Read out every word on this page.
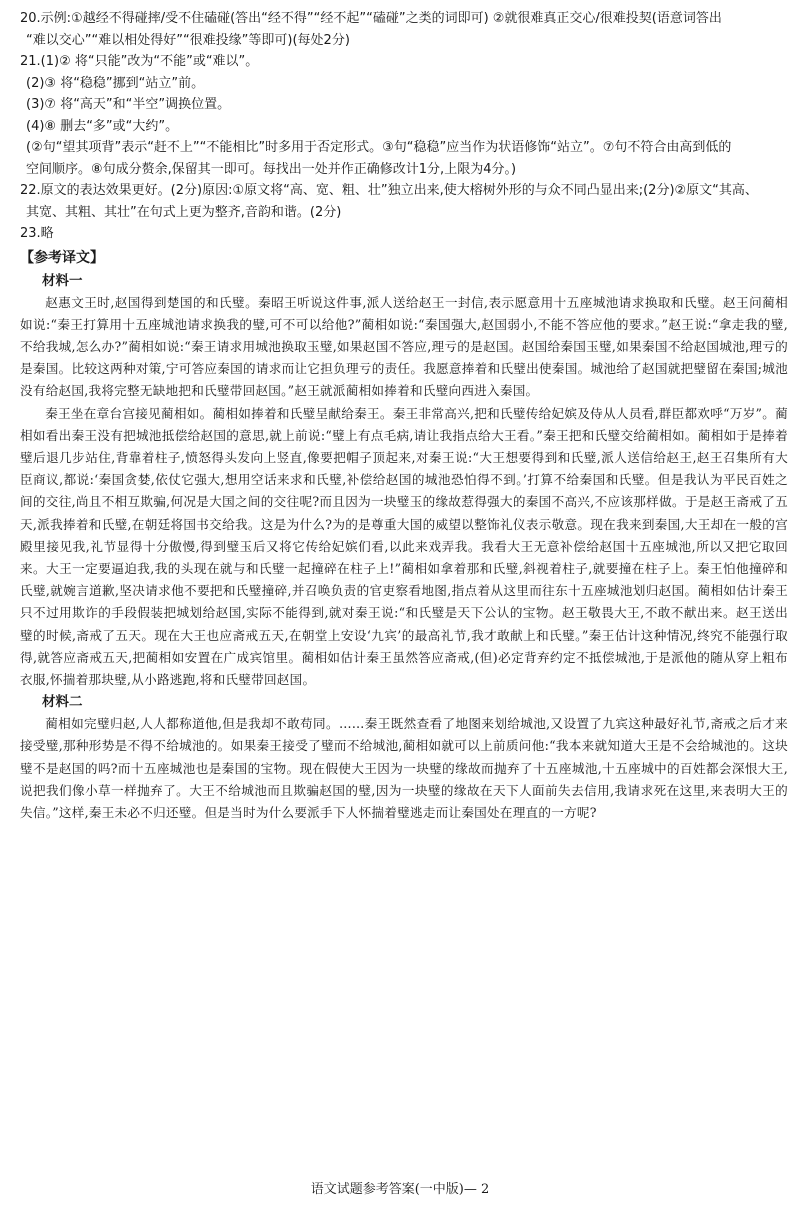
20.示例:①越经不得碰摔/受不住磕碰(答出“经不得”“经不起”“磕碰”之类的词即可) ②就很难真正交心/很难投契(语意词答出

“难以交心”“难以相处得好”“很难投缘”等即可)(每处2分)

21.(1)② 将“只能”改为“不能”或“难以”。

(2)③ 将“稳稳”挪到“站立”前。

(3)⑦ 将“高天”和“半空”调换位置。

(4)⑧ 删去“多”或“大约”。

(②句“望其项背”表示“赶不上”“不能相比”时多用于否定形式。③句“稳稳”应当作为状语修饰“站立”。⑦句不符合由高到低的

空间顺序。⑧句成分赘余,保留其一即可。每找出一处并作正确修改计1分,上限为4分。)

22.原文的表达效果更好。(2分)原因:①原文将“高、宽、粗、壮”独立出来,使大榕树外形的与众不同凸显出来;(2分)②原文“其高、

其宽、其粗、其壮”在句式上更为整齐,音韵和谐。(2分)

23.略

【参考译文】

材料一

赵惠文王时,赵国得到楚国的和氏璧。秦昭王听说这件事,派人送给赵王一封信,表示愿意用十五座城池请求换取和氏璧。赵王问蔺相如说:“秦王打算用十五座城池请求换我的璧,可不可以给他?”蔺相如说:“秦国强大,赵国弱小,不能不答应他的要求。”赵王说:“拿走我的璧,不给我城,怎么办?”蔺相如说:“秦王请求用城池换取玉璧,如果赵国不答应,理亏的是赵国。赵国给秦国玉璧,如果秦国不给赵国城池,理亏的是秦国。比较这两种对策,宁可答应秦国的请求而让它担负理亏的责任。我愿意捧着和氏璧出使秦国。城池给了赵国就把璧留在秦国;城池没有给赵国,我将完整无缺地把和氏璧带回赵国。”赵王就派蔺相如捧着和氏璧向西进入秦国。

秦王坐在章台宫接见蔺相如。蔺相如捧着和氏璧呈献给秦王。秦王非常高兴,把和氏璧传给妃嫔及侍从人员看,群臣都欢呼“万岁”。蔺相如看出秦王没有把城池抵偿给赵国的意思,就上前说:“璧上有点毛病,请让我指点给大王看。”秦王把和氏璧交给蔺相如。蔺相如于是捧着璧后退几步站住,背靠着柱子,愤怒得头发向上竖直,像要把帽子顶起来,对秦王说:“大王想要得到和氏璧,派人送信给赵王,赵王召集所有大臣商议,都说:‘秦国贪婪,依仗它强大,想用空话来求和氏璧,补偿给赵国的城池恐怕得不到。’打算不给秦国和氏璧。但是我认为平民百姓之间的交往,尚且不相互欺骗,何况是大国之间的交往呢?而且因为一块璧玉的缘故惹得强大的秦国不高兴,不应该那样做。于是赵王斋戒了五天,派我捧着和氏璧,在朝廷将国书交给我。这是为什么?为的是尊重大国的威望以整饰礼仪表示敬意。现在我来到秦国,大王却在一般的宫殿里接见我,礼节显得十分傲慢,得到璧玉后又将它传给妃嫔们看,以此来戏弄我。我看大王无意补偿给赵国十五座城池,所以又把它取回来。大王一定要逼迫我,我的头现在就与和氏璧一起撞碎在柱子上!”蔺相如拿着那和氏璧,斜视着柱子,就要撞在柱子上。秦王怕他撞碎和氏璧,就婉言道歉,坚决请求他不要把和氏璧撞碎,并召唤负责的官吏察看地图,指点着从这里而往东十五座城池划归赵国。蔺相如估计秦王只不过用欺诈的手段假装把城划给赵国,实际不能得到,就对秦王说:“和氏璧是天下公认的宝物。赵王敬畏大王,不敢不献出来。赵王送出璧的时候,斋戒了五天。现在大王也应斋戒五天,在朝堂上安设‘九宾’的最高礼节,我才敢献上和氏璧。”秦王估计这种情况,终究不能强行取得,就答应斋戒五天,把蔺相如安置在广成宾馆里。蔺相如估计秦王虽然答应斋戒,(但)必定背弃约定不抵偿城池,于是派他的随从穿上粗布衣服,怀揣着那块璧,从小路逃跑,将和氏璧带回赵国。

材料二

蔺相如完璧归赵,人人都称道他,但是我却不敢苟同。……秦王既然查看了地图来划给城池,又设置了九宾这种最好礼节,斋戒之后才来接受璧,那种形势是不得不给城池的。如果秦王接受了璧而不给城池,蔺相如就可以上前质问他:“我本来就知道大王是不会给城池的。这块璧不是赵国的吗?而十五座城池也是秦国的宝物。现在假使大王因为一块璧的缘故而抛弃了十五座城池,十五座城中的百姓都会深恨大王,说把我们像小草一样抛弃了。大王不给城池而且欺骗赵国的璧,因为一块璧的缘故在天下人面前失去信用,我请求死在这里,来表明大王的失信。”这样,秦王未必不归还璧。但是当时为什么要派手下人怀揣着璧逃走而让秦国处在理直的一方呢?

语文试题参考答案(一中版)— 2
